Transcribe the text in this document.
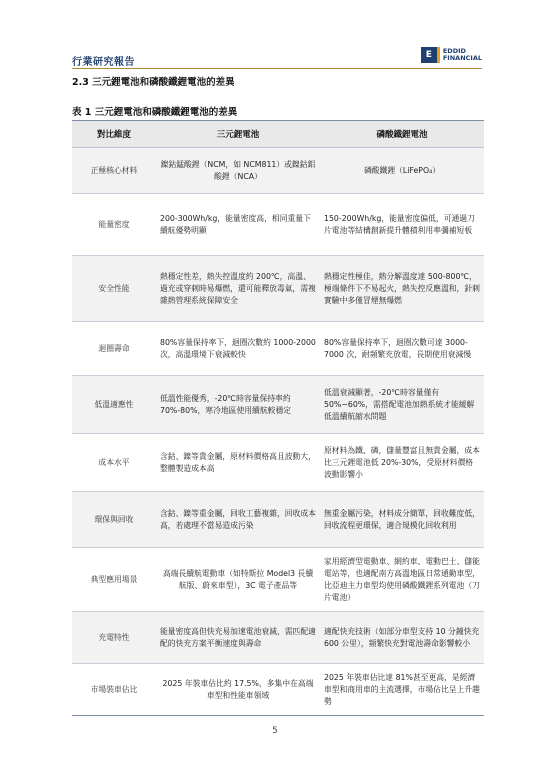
行業研究報告
E	EDDID
FINANCIAL
2.3 三元鋰電池和磷酸鐵鋰電池的差異
表 1 三元鋰電池和磷酸鐵鋰電池的差異
對比維度	三元鋰電池	磷酸鐵鋰電池
正極核心材料	鎳鈷錳酸鋰（NCM，如 NCM811）或鎳鈷鋁酸鋰（NCA）	磷酸鐵鋰（LiFePO₄）
能量密度	200-300Wh/kg，能量密度高，相同重量下續航優勢明顯	150-200Wh/kg，能量密度偏低，可通過刀片電池等結構創新提升體積利用率彌補短板
安全性能	熱穩定性差，熱失控溫度約 200℃，高溫、過充或穿刺時易爆燃，還可能釋放毒氣，需複雜熱管理系統保障安全	熱穩定性極佳，熱分解溫度達 500-800℃，極端條件下不易起火，熱失控反應溫和，針刺實驗中多僅冒煙無爆燃
迴圈壽命	80%容量保持率下，迴圈次數約 1000-2000 次，高溫環境下衰減較快	80%容量保持率下，迴圈次數可達 3000-7000 次，耐頻繁充放電，長期使用衰減慢
低溫適應性	低溫性能優秀，-20℃時容量保持率約 70%-80%，寒冷地區使用續航較穩定	低溫衰減顯著，-20℃時容量僅有 50%~60%，需搭配電池加熱系統才能緩解低溫續航縮水問題
成本水平	含鈷、鎳等貴金屬，原材料價格高且波動大，整體製造成本高	原材料為鐵、磷，儲量豐富且無貴金屬，成本比三元鋰電池低 20%-30%，受原材料價格波動影響小
環保與回收	含鈷、鎳等重金屬，回收工藝複雜，回收成本高，若處理不當易造成污染	無重金屬污染，材料成分簡單，回收難度低，回收流程更環保，適合規模化回收利用
典型應用場景	高端長續航電動車（如特斯拉 Model3 長續航版、蔚來車型），3C 電子產品等	家用經濟型電動車、網約車、電動巴士、儲能電站等，也適配南方高溫地區日常通勤車型，比亞迪主力車型均使用磷酸鐵鋰系列電池（刀片電池）
充電特性	能量密度高但快充易加速電池衰減，需匹配適配的快充方案平衡速度與壽命	適配快充技術（如部分車型支持 10 分鐘快充 600 公里），頻繁快充對電池壽命影響較小
市場裝車佔比	2025 年裝車佔比約 17.5%，多集中在高端車型和性能車領域	2025 年裝車佔比達 81%甚至更高，是經濟車型和商用車的主流選擇，市場佔比呈上升趨勢
5
